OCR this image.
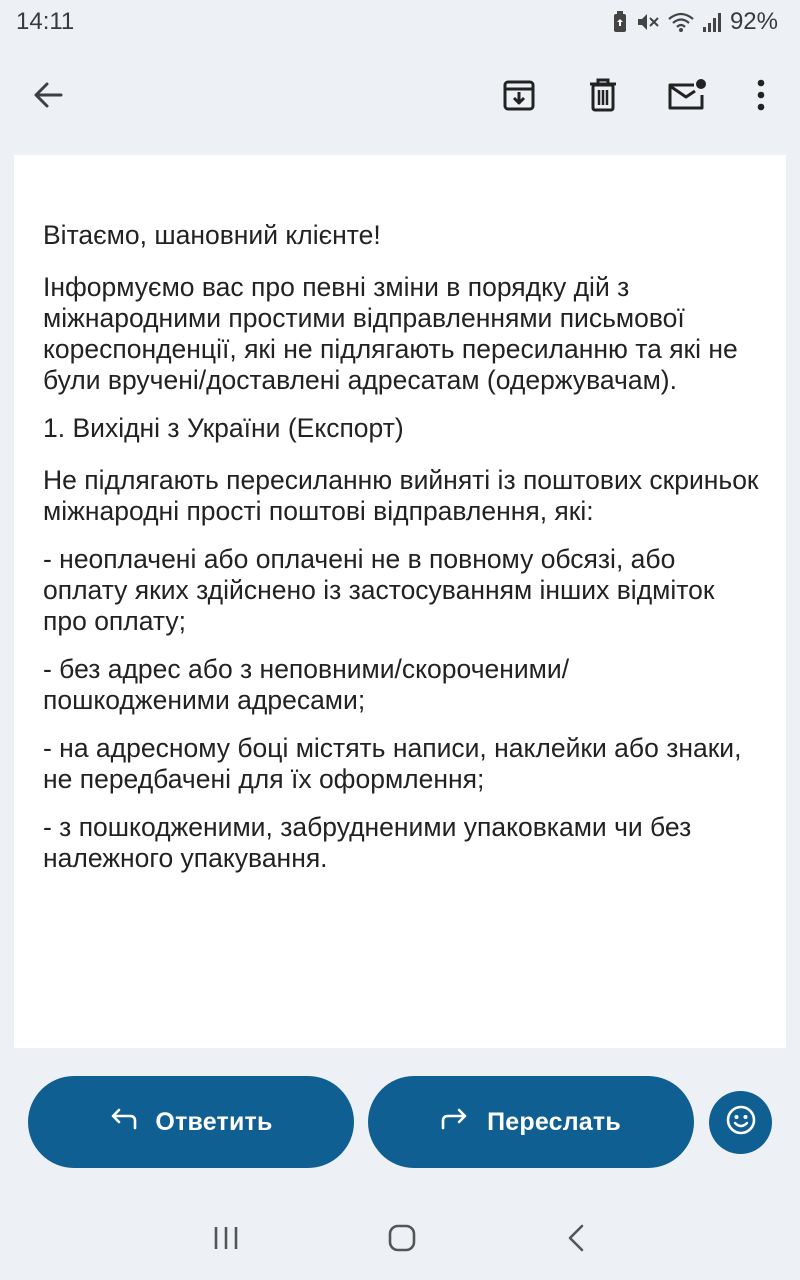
14:11	92%

Вітаємо, шановний клієнте!

Інформуємо вас про певні зміни в порядку дій з міжнародними простими відправленнями письмової кореспонденції, які не підлягають пересиланню та які не були вручені/доставлені адресатам (одержувачам).

1. Вихідні з України (Експорт)

Не підлягають пересиланню вийняті із поштових скриньок міжнародні прості поштові відправлення, які:

- неоплачені або оплачені не в повному обсязі, або оплату яких здійснено із застосуванням інших відміток про оплату;

- без адрес або з неповними/скороченими/ пошкодженими адресами;

- на адресному боці містять написи, наклейки або знаки, не передбачені для їх оформлення;

- з пошкодженими, забрудненими упаковками чи без належного упакування.

Ответить	Переслать
